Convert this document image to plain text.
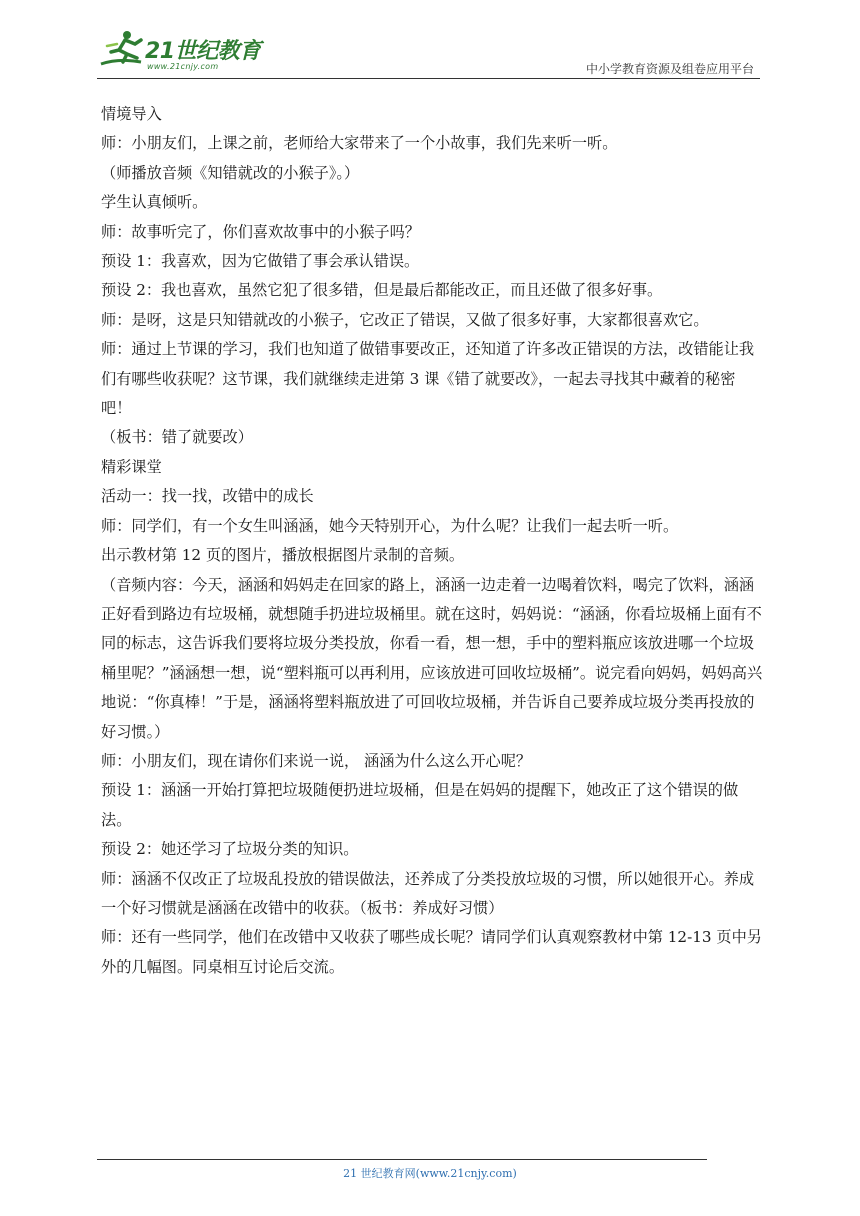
21世纪教育
www.21cnjy.com	中小学教育资源及组卷应用平台

情境导入

师：小朋友们，上课之前，老师给大家带来了一个小故事，我们先来听一听。

（师播放音频《知错就改的小猴子》。）

学生认真倾听。

师：故事听完了，你们喜欢故事中的小猴子吗？

预设 1：我喜欢，因为它做错了事会承认错误。

预设 2：我也喜欢，虽然它犯了很多错，但是最后都能改正，而且还做了很多好事。

师：是呀，这是只知错就改的小猴子，它改正了错误，又做了很多好事，大家都很喜欢它。

师：通过上节课的学习，我们也知道了做错事要改正，还知道了许多改正错误的方法，改错能让我们有哪些收获呢？这节课，我们就继续走进第 3 课《错了就要改》，一起去寻找其中藏着的秘密吧！

（板书：错了就要改）

精彩课堂

活动一：找一找，改错中的成长

师：同学们，有一个女生叫涵涵，她今天特别开心，为什么呢？让我们一起去听一听。

出示教材第 12 页的图片，播放根据图片录制的音频。

（音频内容：今天，涵涵和妈妈走在回家的路上，涵涵一边走着一边喝着饮料，喝完了饮料，涵涵正好看到路边有垃圾桶，就想随手扔进垃圾桶里。就在这时，妈妈说：“涵涵，你看垃圾桶上面有不同的标志，这告诉我们要将垃圾分类投放，你看一看，想一想，手中的塑料瓶应该放进哪一个垃圾桶里呢？”涵涵想一想，说“塑料瓶可以再利用，应该放进可回收垃圾桶”。说完看向妈妈，妈妈高兴地说：“你真棒！”于是，涵涵将塑料瓶放进了可回收垃圾桶，并告诉自己要养成垃圾分类再投放的好习惯。）

师：小朋友们，现在请你们来说一说， 涵涵为什么这么开心呢？

预设 1：涵涵一开始打算把垃圾随便扔进垃圾桶，但是在妈妈的提醒下，她改正了这个错误的做法。

预设 2：她还学习了垃圾分类的知识。

师：涵涵不仅改正了垃圾乱投放的错误做法，还养成了分类投放垃圾的习惯，所以她很开心。养成一个好习惯就是涵涵在改错中的收获。（板书：养成好习惯）

师：还有一些同学，他们在改错中又收获了哪些成长呢？请同学们认真观察教材中第 12-13 页中另外的几幅图。同桌相互讨论后交流。

21 世纪教育网(www.21cnjy.com)
